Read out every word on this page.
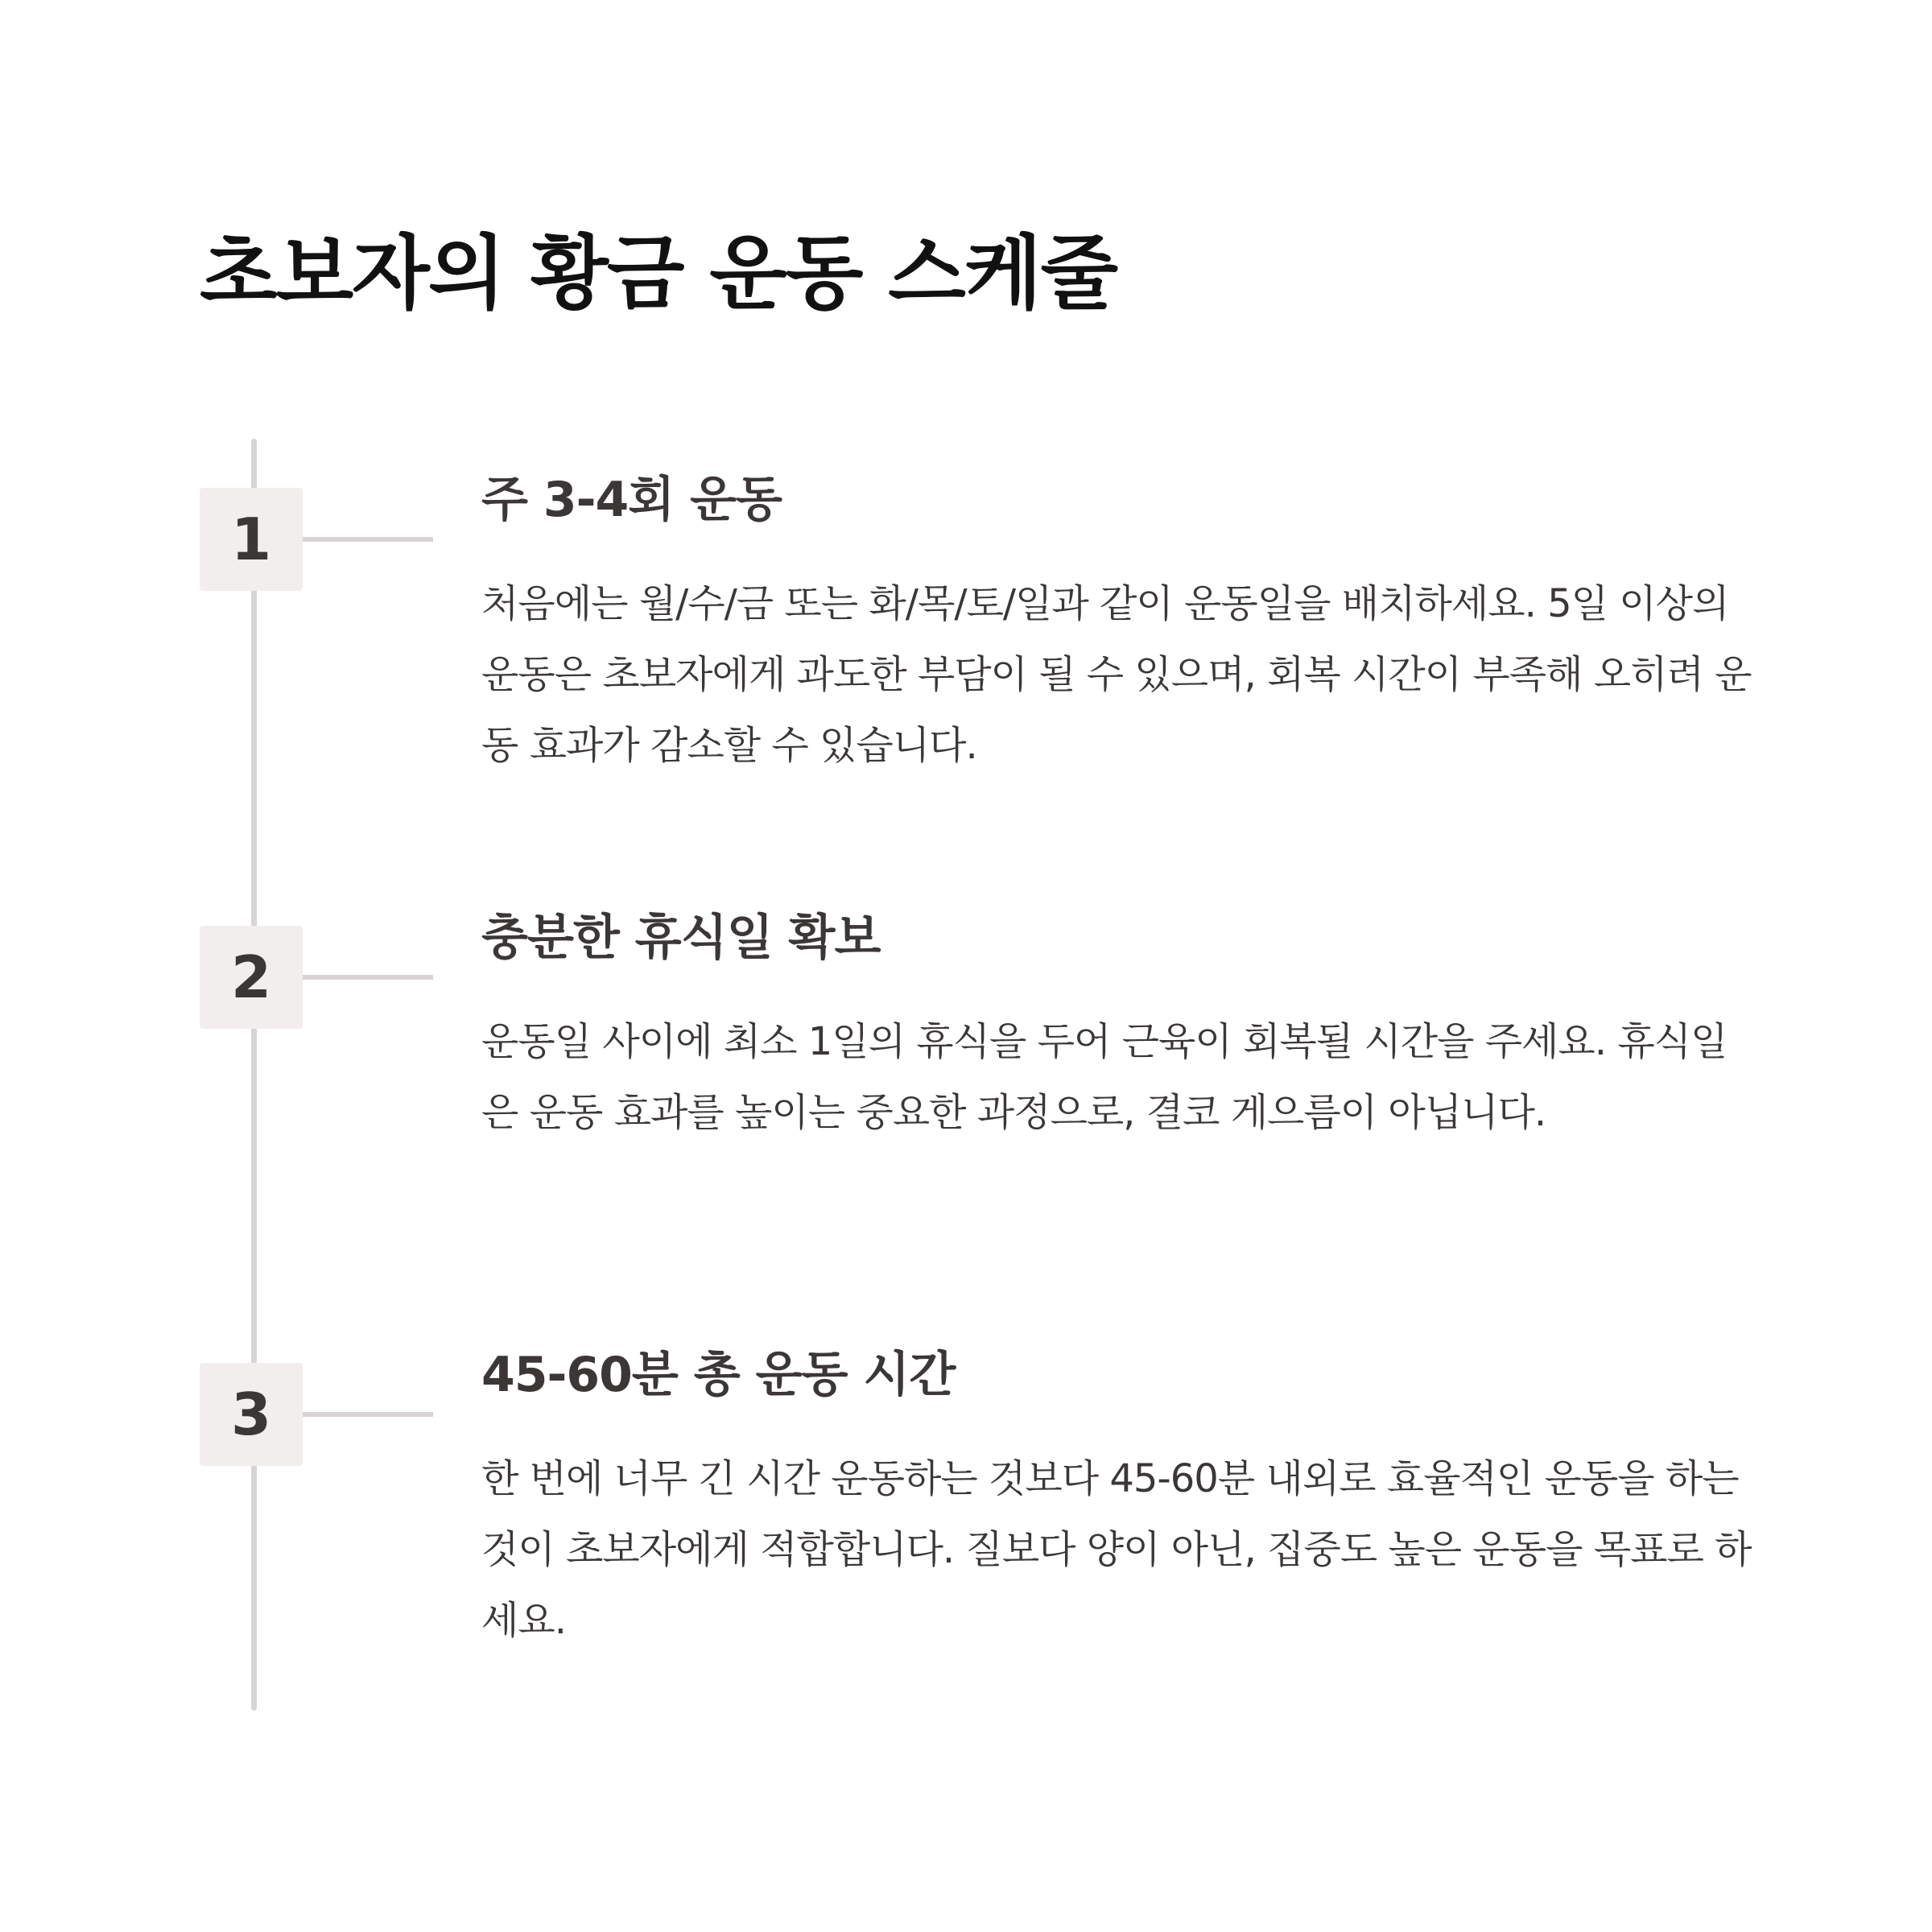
초보자의 황금 운동 스케줄
1
주 3-4회 운동

처음에는 월/수/금 또는 화/목/토/일과 같이 운동일을 배치하세요. 5일 이상의 운동은 초보자에게 과도한 부담이 될 수 있으며, 회복 시간이 부족해 오히려 운동 효과가 감소할 수 있습니다.

2
충분한 휴식일 확보

운동일 사이에 최소 1일의 휴식을 두어 근육이 회복될 시간을 주세요. 휴식일은 운동 효과를 높이는 중요한 과정으로, 결코 게으름이 아닙니다.

3
45-60분 총 운동 시간

한 번에 너무 긴 시간 운동하는 것보다 45-60분 내외로 효율적인 운동을 하는 것이 초보자에게 적합합니다. 질보다 양이 아닌, 집중도 높은 운동을 목표로 하세요.
